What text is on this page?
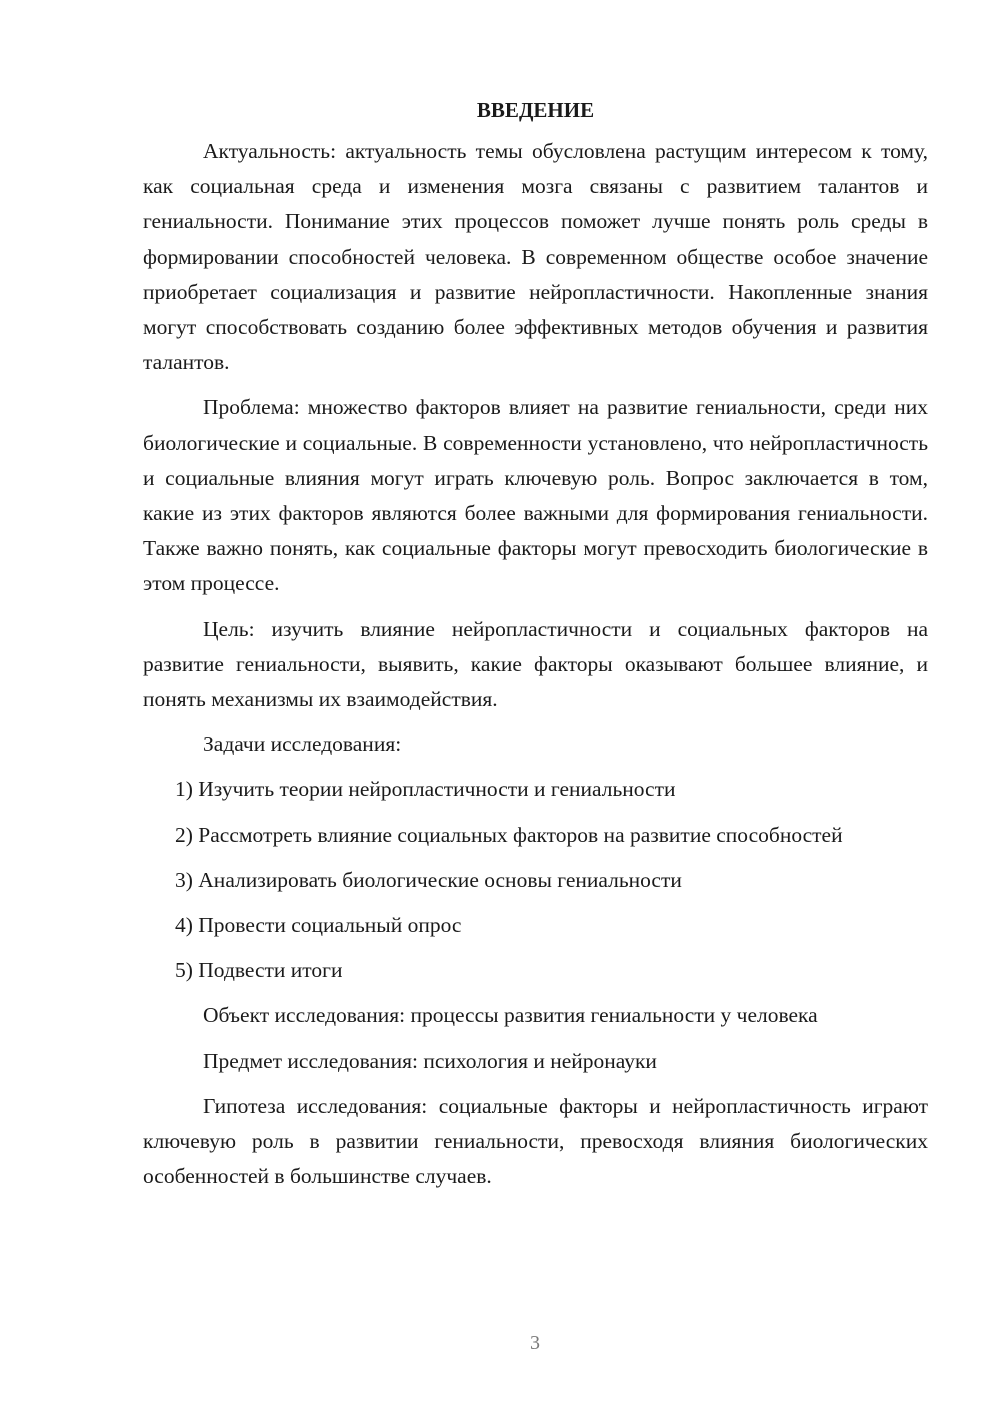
ВВЕДЕНИЕ

Актуальность: актуальность темы обусловлена растущим интересом к тому, как социальная среда и изменения мозга связаны с развитием талантов и гениальности. Понимание этих процессов поможет лучше понять роль среды в формировании способностей человека. В современном обществе особое значение приобретает социализация и развитие нейропластичности. Накопленные знания могут способствовать созданию более эффективных методов обучения и развития талантов.

Проблема: множество факторов влияет на развитие гениальности, среди них биологические и социальные. В современности установлено, что нейропластичность и социальные влияния могут играть ключевую роль. Вопрос заключается в том, какие из этих факторов являются более важными для формирования гениальности. Также важно понять, как социальные факторы могут превосходить биологические в этом процессе.

Цель: изучить влияние нейропластичности и социальных факторов на развитие гениальности, выявить, какие факторы оказывают большее влияние, и понять механизмы их взаимодействия.

Задачи исследования:

1) Изучить теории нейропластичности и гениальности

2) Рассмотреть влияние социальных факторов на развитие способностей

3) Анализировать биологические основы гениальности

4) Провести социальный опрос

5) Подвести итоги

Объект исследования: процессы развития гениальности у человека

Предмет исследования: психология и нейронауки

Гипотеза исследования: социальные факторы и нейропластичность играют ключевую роль в развитии гениальности, превосходя влияния биологических особенностей в большинстве случаев.

3
